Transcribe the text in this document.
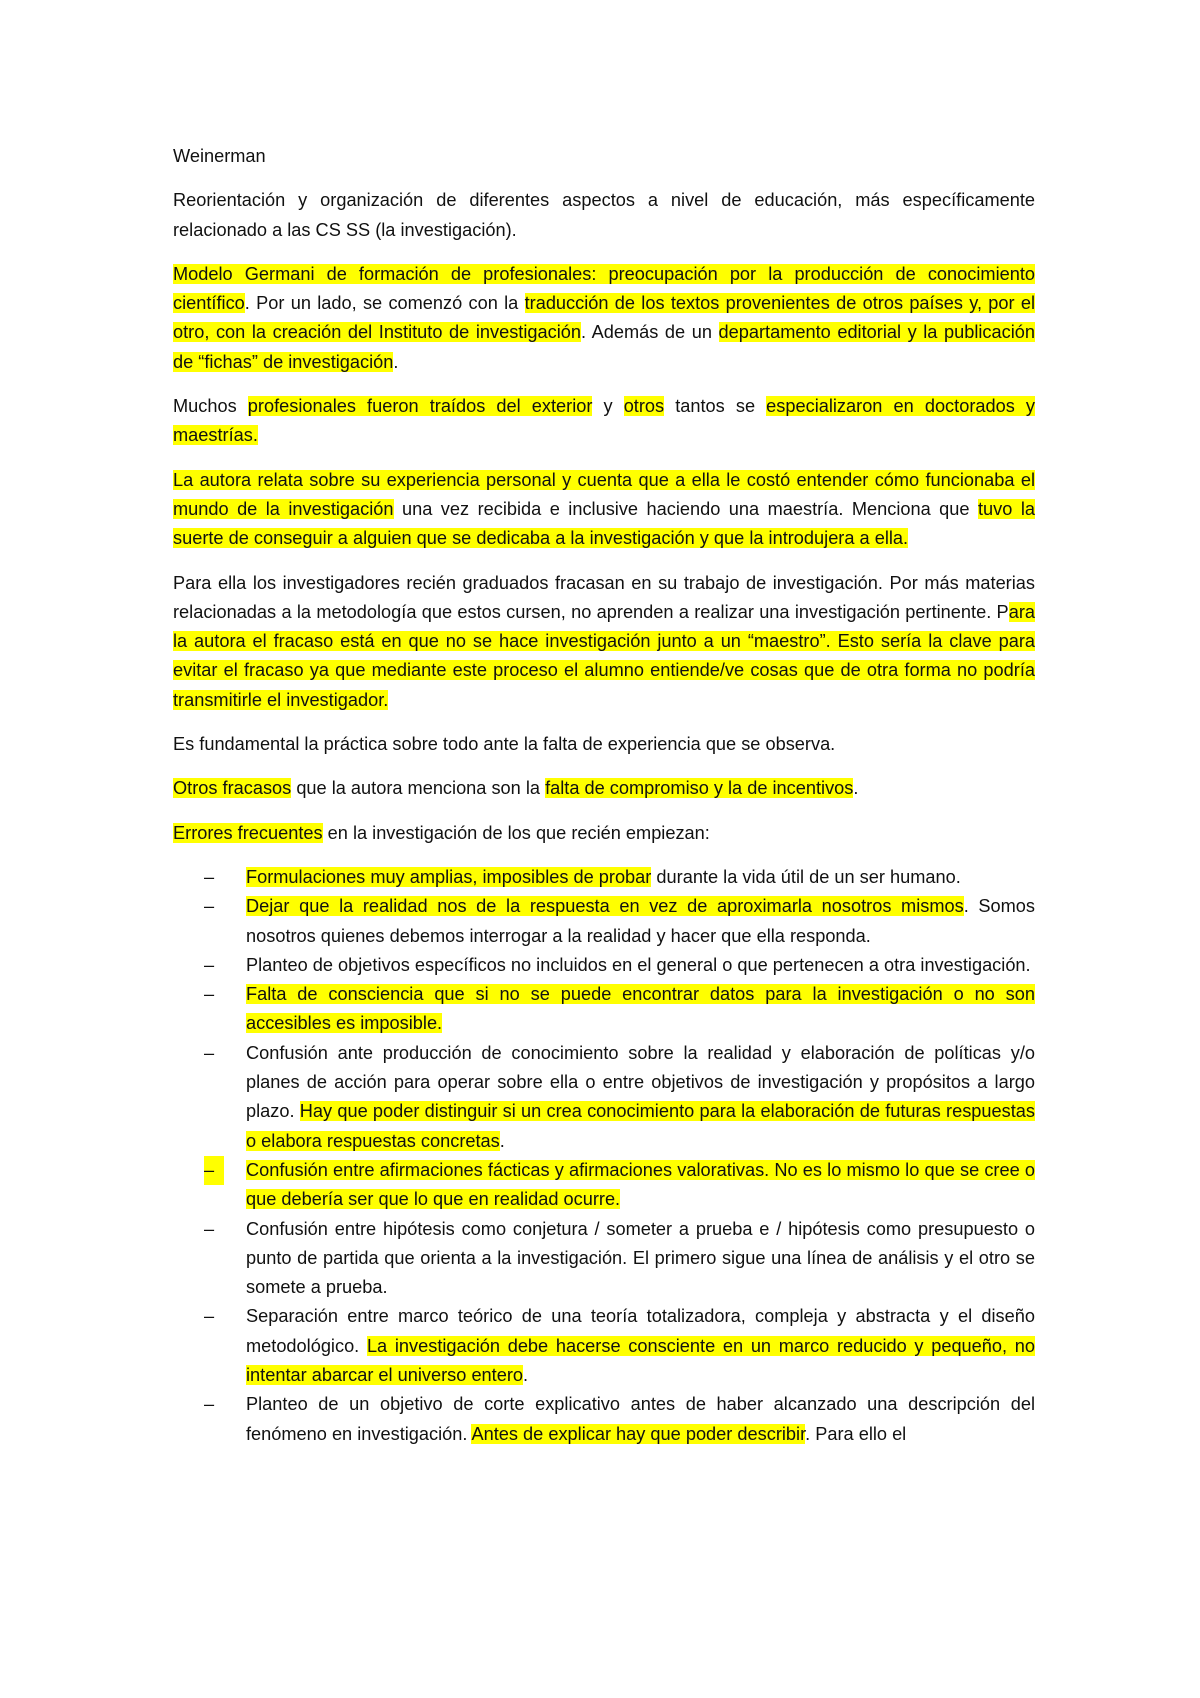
Weinerman

Reorientación y organización de diferentes aspectos a nivel de educación, más específicamente relacionado a las CS SS (la investigación).

Modelo Germani de formación de profesionales: preocupación por la producción de conocimiento científico. Por un lado, se comenzó con la traducción de los textos provenientes de otros países y, por el otro, con la creación del Instituto de investigación. Además de un departamento editorial y la publicación de “fichas” de investigación.

Muchos profesionales fueron traídos del exterior y otros tantos se especializaron en doctorados y maestrías.

La autora relata sobre su experiencia personal y cuenta que a ella le costó entender cómo funcionaba el mundo de la investigación una vez recibida e inclusive haciendo una maestría. Menciona que tuvo la suerte de conseguir a alguien que se dedicaba a la investigación y que la introdujera a ella.

Para ella los investigadores recién graduados fracasan en su trabajo de investigación. Por más materias relacionadas a la metodología que estos cursen, no aprenden a realizar una investigación pertinente. Para la autora el fracaso está en que no se hace investigación junto a un “maestro”. Esto sería la clave para evitar el fracaso ya que mediante este proceso el alumno entiende/ve cosas que de otra forma no podría transmitirle el investigador.

Es fundamental la práctica sobre todo ante la falta de experiencia que se observa.

Otros fracasos que la autora menciona son la falta de compromiso y la de incentivos.

Errores frecuentes en la investigación de los que recién empiezan:

–	Formulaciones muy amplias, imposibles de probar durante la vida útil de un ser humano.
–	Dejar que la realidad nos de la respuesta en vez de aproximarla nosotros mismos. Somos nosotros quienes debemos interrogar a la realidad y hacer que ella responda.
–	Planteo de objetivos específicos no incluidos en el general o que pertenecen a otra investigación.
–	Falta de consciencia que si no se puede encontrar datos para la investigación o no son accesibles es imposible.
–	Confusión ante producción de conocimiento sobre la realidad y elaboración de políticas y/o planes de acción para operar sobre ella o entre objetivos de investigación y propósitos a largo plazo. Hay que poder distinguir si un crea conocimiento para la elaboración de futuras respuestas o elabora respuestas concretas.
–	Confusión entre afirmaciones fácticas y afirmaciones valorativas. No es lo mismo lo que se cree o que debería ser que lo que en realidad ocurre.
–	Confusión entre hipótesis como conjetura / someter a prueba e / hipótesis como presupuesto o punto de partida que orienta a la investigación. El primero sigue una línea de análisis y el otro se somete a prueba.
–	Separación entre marco teórico de una teoría totalizadora, compleja y abstracta y el diseño metodológico. La investigación debe hacerse consciente en un marco reducido y pequeño, no intentar abarcar el universo entero.
–	Planteo de un objetivo de corte explicativo antes de haber alcanzado una descripción del fenómeno en investigación. Antes de explicar hay que poder describir. Para ello el
